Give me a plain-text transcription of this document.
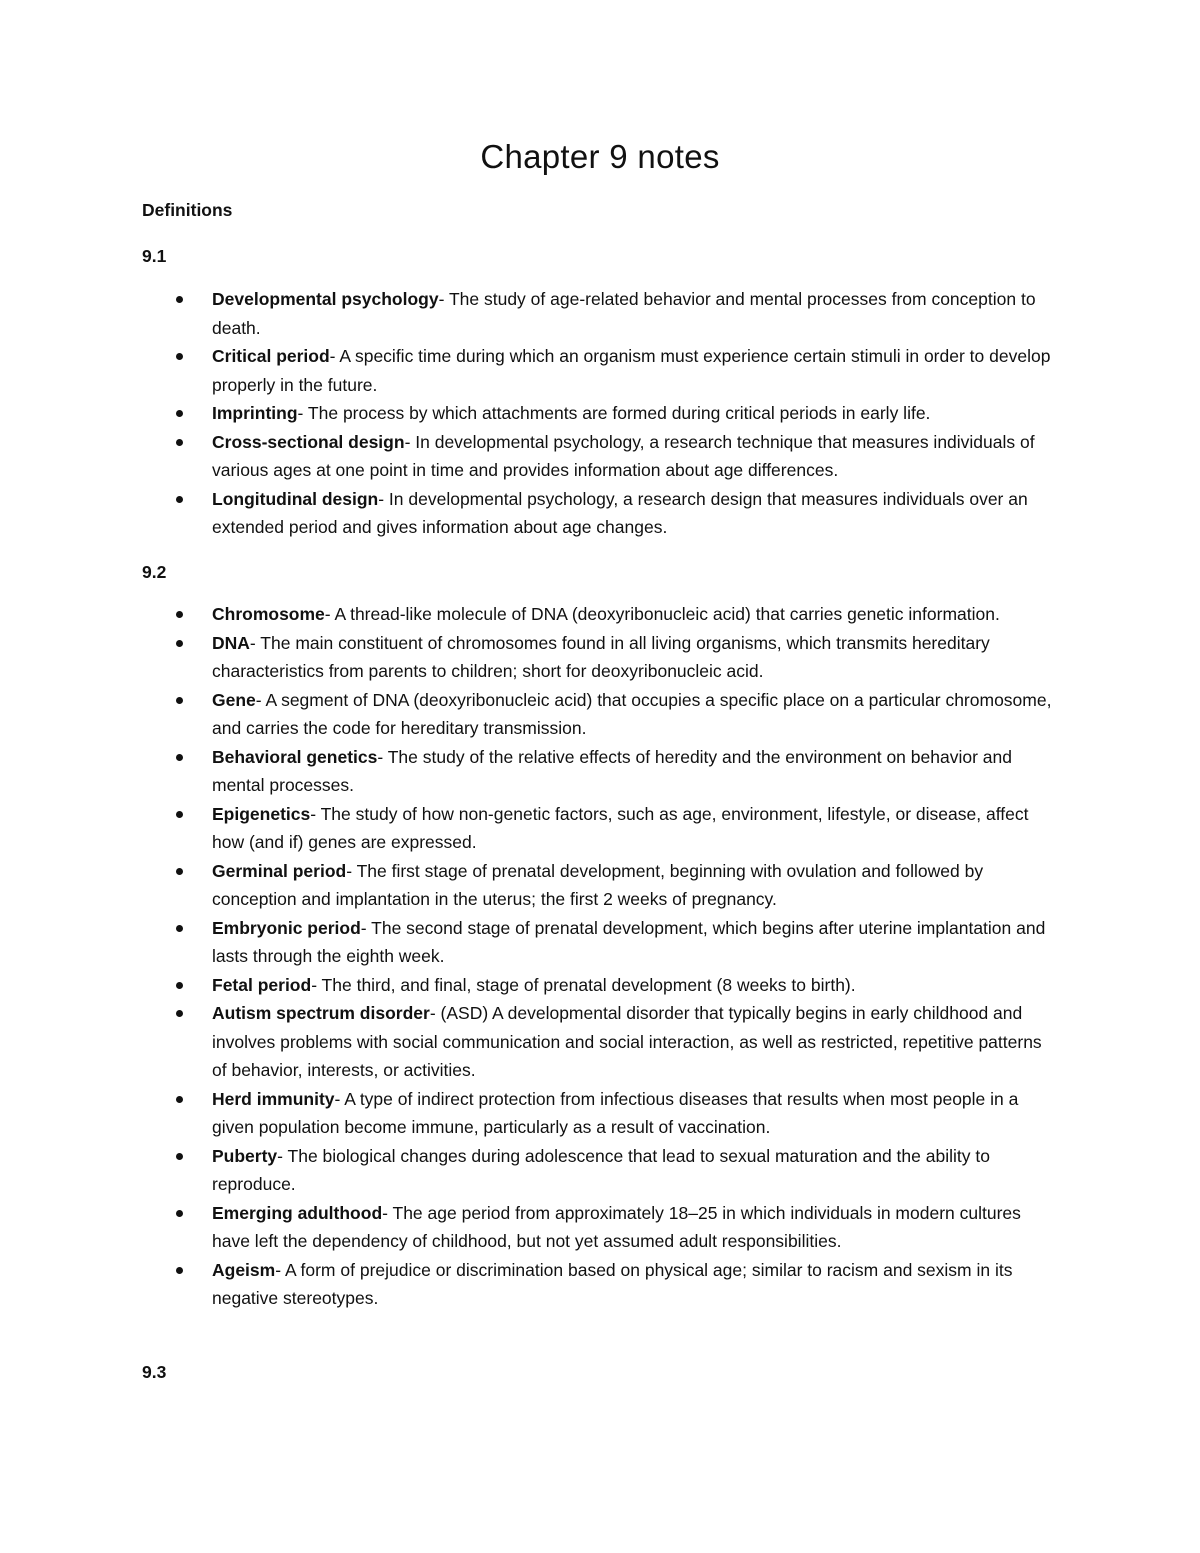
Chapter 9 notes

Definitions

9.1

Developmental psychology- The study of age-related behavior and mental processes from conception to death.
Critical period- A specific time during which an organism must experience certain stimuli in order to develop properly in the future.
Imprinting- The process by which attachments are formed during critical periods in early life.
Cross-sectional design- In developmental psychology, a research technique that measures individuals of various ages at one point in time and provides information about age differences.
Longitudinal design- In developmental psychology, a research design that measures individuals over an extended period and gives information about age changes.

9.2

Chromosome- A thread-like molecule of DNA (deoxyribonucleic acid) that carries genetic information.
DNA- The main constituent of chromosomes found in all living organisms, which transmits hereditary characteristics from parents to children; short for deoxyribonucleic acid.
Gene- A segment of DNA (deoxyribonucleic acid) that occupies a specific place on a particular chromosome, and carries the code for hereditary transmission.
Behavioral genetics- The study of the relative effects of heredity and the environment on behavior and mental processes.
Epigenetics- The study of how non-genetic factors, such as age, environment, lifestyle, or disease, affect how (and if) genes are expressed.
Germinal period- The first stage of prenatal development, beginning with ovulation and followed by conception and implantation in the uterus; the first 2 weeks of pregnancy.
Embryonic period- The second stage of prenatal development, which begins after uterine implantation and lasts through the eighth week.
Fetal period- The third, and final, stage of prenatal development (8 weeks to birth).
Autism spectrum disorder- (ASD) A developmental disorder that typically begins in early childhood and involves problems with social communication and social interaction, as well as restricted, repetitive patterns of behavior, interests, or activities.
Herd immunity- A type of indirect protection from infectious diseases that results when most people in a given population become immune, particularly as a result of vaccination.
Puberty- The biological changes during adolescence that lead to sexual maturation and the ability to reproduce.
Emerging adulthood- The age period from approximately 18–25 in which individuals in modern cultures have left the dependency of childhood, but not yet assumed adult responsibilities.
Ageism- A form of prejudice or discrimination based on physical age; similar to racism and sexism in its negative stereotypes.

9.3
